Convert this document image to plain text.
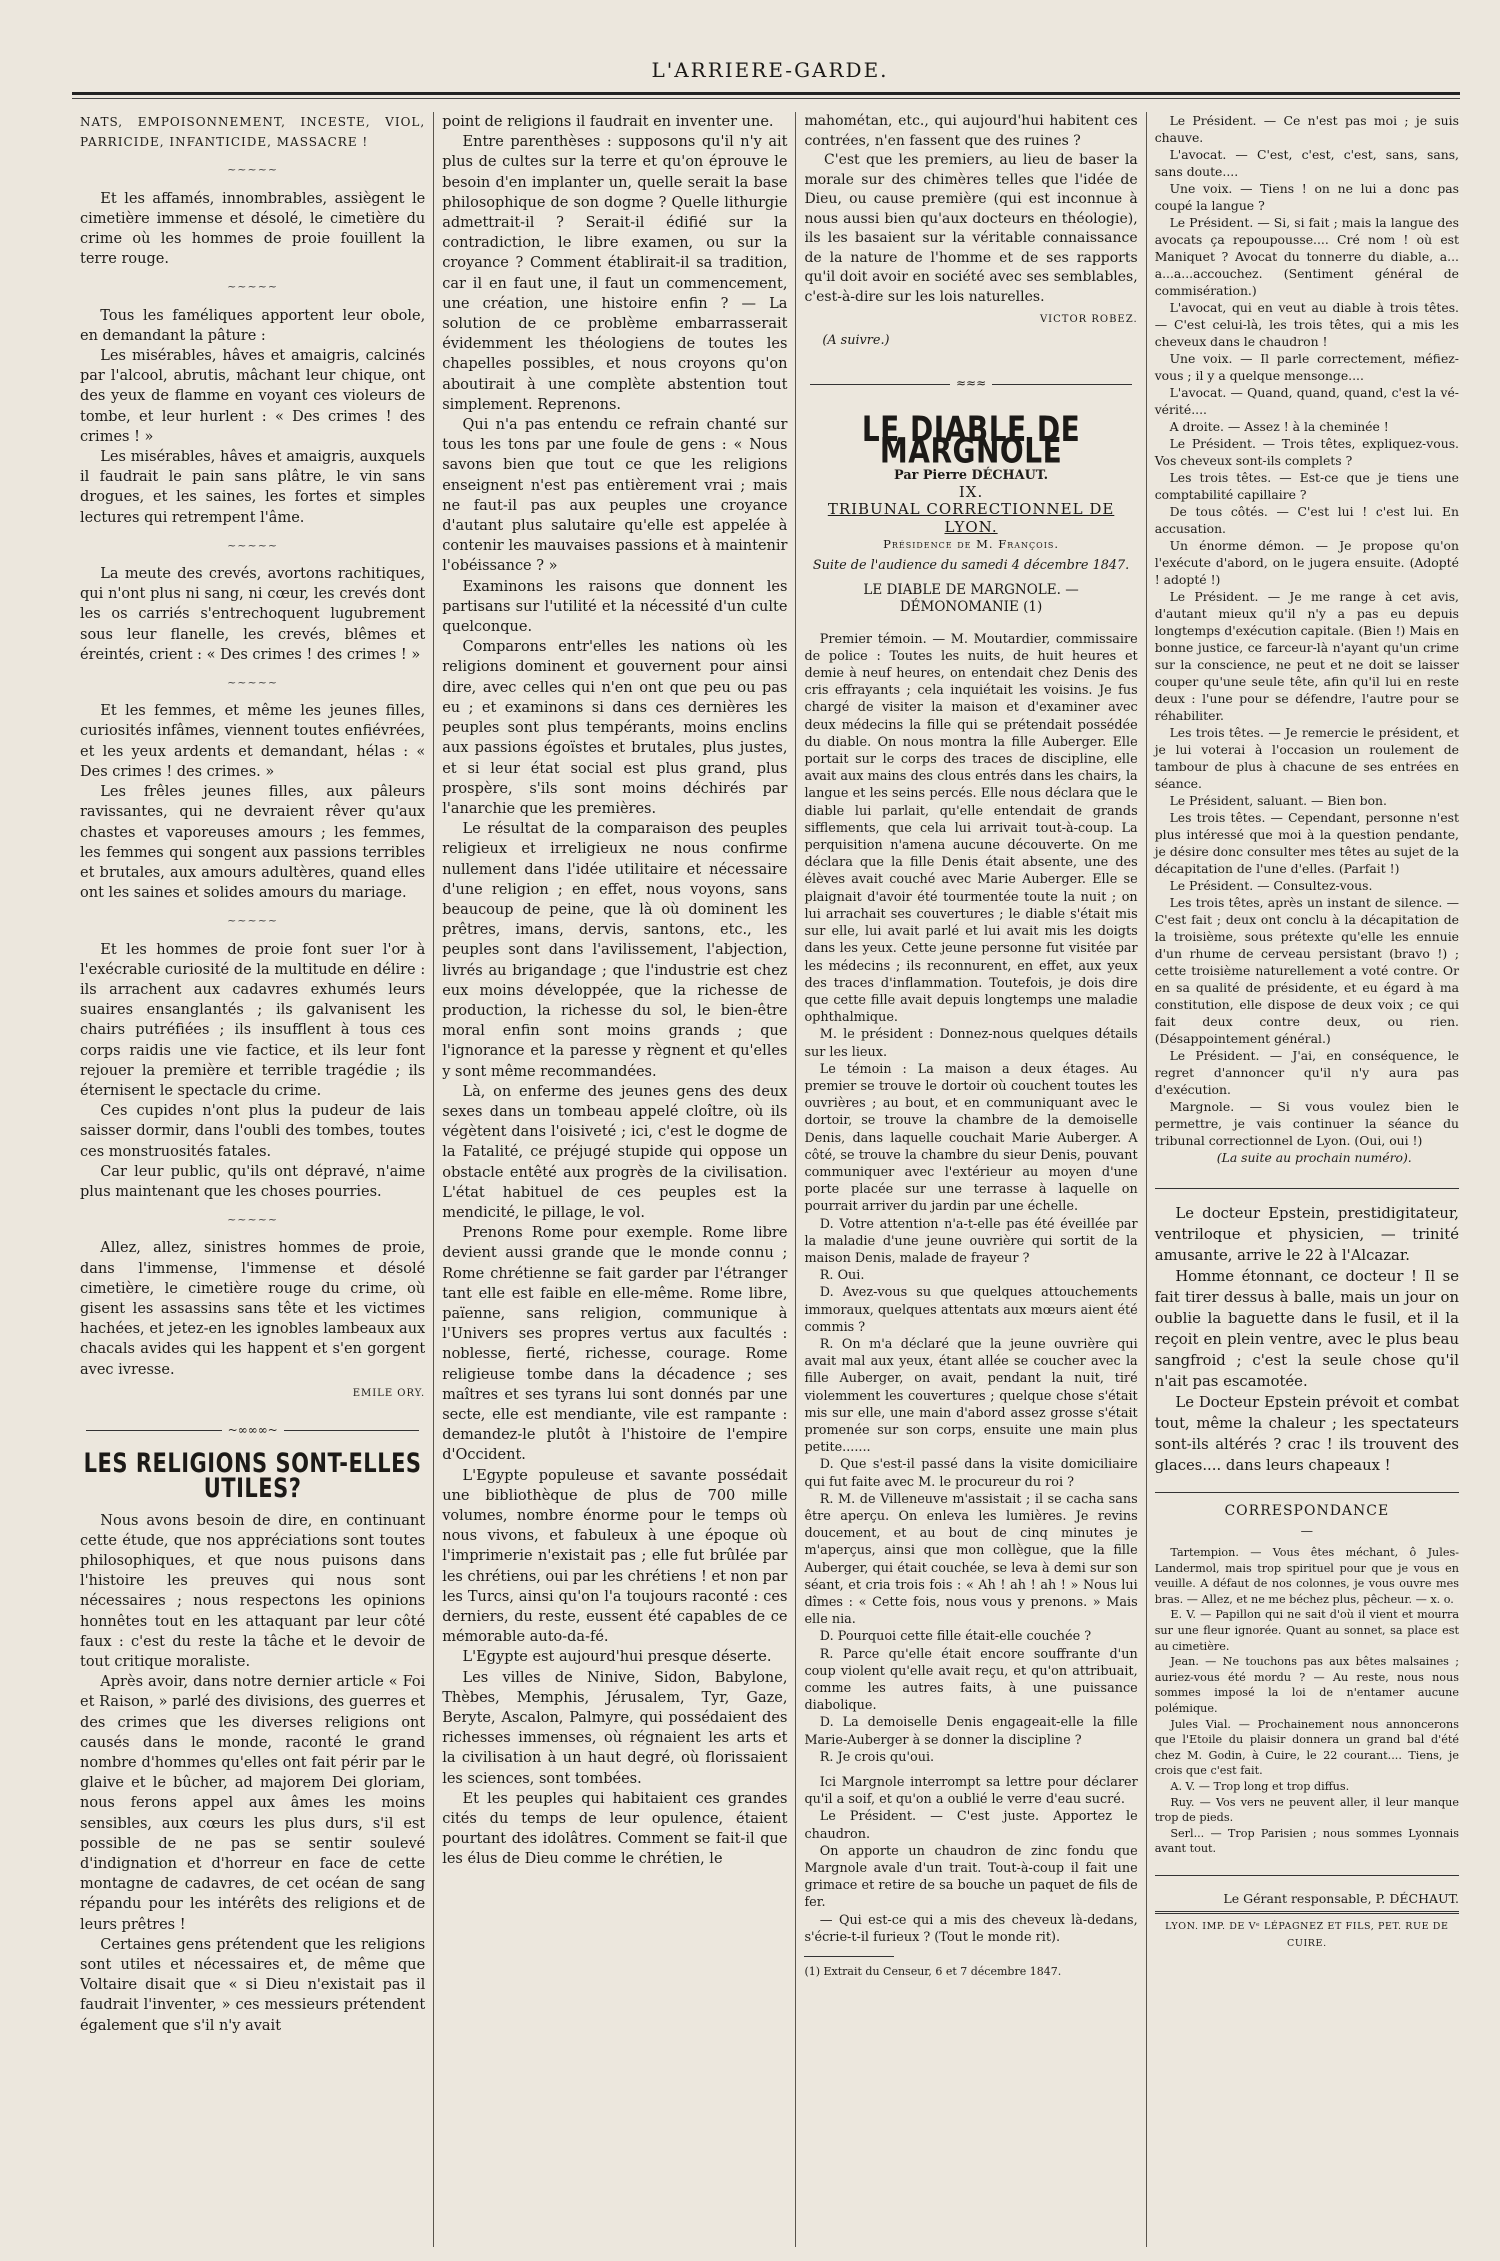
L'ARRIERE-GARDE.

NATS, EMPOISONNEMENT, INCESTE, VIOL, PARRICIDE, INFANTICIDE, MASSACRE !

~~~~~

Et les affamés, innombrables, assiègent le cimetière immense et désolé, le cimetière du crime où les hommes de proie fouillent la terre rouge.

~~~~~

Tous les faméliques apportent leur obole, en demandant la pâture :

Les misérables, hâves et amaigris, calcinés par l'alcool, abrutis, mâchant leur chique, ont des yeux de flamme en voyant ces violeurs de tombe, et leur hurlent : « Des crimes ! des crimes ! »

Les misérables, hâves et amaigris, auxquels il faudrait le pain sans plâtre, le vin sans drogues, et les saines, les fortes et simples lectures qui retrempent l'âme.

~~~~~

La meute des crevés, avortons rachitiques, qui n'ont plus ni sang, ni cœur, les crevés dont les os carriés s'entrechoquent lugubrement sous leur flanelle, les crevés, blêmes et éreintés, crient : « Des crimes ! des crimes ! »

~~~~~

Et les femmes, et même les jeunes filles, curiosités infâmes, viennent toutes enfiévrées, et les yeux ardents et demandant, hélas : « Des crimes ! des crimes. »

Les frêles jeunes filles, aux pâleurs ravissantes, qui ne devraient rêver qu'aux chastes et vaporeuses amours ; les femmes, les femmes qui songent aux passions terribles et brutales, aux amours adultères, quand elles ont les saines et solides amours du mariage.

~~~~~

Et les hommes de proie font suer l'or à l'exécrable curiosité de la multitude en délire : ils arrachent aux cadavres exhumés leurs suaires ensanglantés ; ils galvanisent les chairs putréfiées ; ils insufflent à tous ces corps raidis une vie factice, et ils leur font rejouer la première et terrible tragédie ; ils éternisent le spectacle du crime.

Ces cupides n'ont plus la pudeur de lais saisser dormir, dans l'oubli des tombes, toutes ces monstruosités fatales.

Car leur public, qu'ils ont dépravé, n'aime plus maintenant que les choses pourries.

~~~~~

Allez, allez, sinistres hommes de proie, dans l'immense, l'immense et désolé cimetière, le cimetière rouge du crime, où gisent les assassins sans tête et les victimes hachées, et jetez-en les ignobles lambeaux aux chacals avides qui les happent et s'en gorgent avec ivresse.

EMILE ORY.
~∞∞∞~
LES RELIGIONS SONT-ELLES UTILES?

Nous avons besoin de dire, en continuant cette étude, que nos appréciations sont toutes philosophiques, et que nous puisons dans l'histoire les preuves qui nous sont nécessaires ; nous respectons les opinions honnêtes tout en les attaquant par leur côté faux : c'est du reste la tâche et le devoir de tout critique moraliste.

Après avoir, dans notre dernier article « Foi et Raison, » parlé des divisions, des guerres et des crimes que les diverses religions ont causés dans le monde, raconté le grand nombre d'hommes qu'elles ont fait périr par le glaive et le bûcher, ad majorem Dei gloriam, nous ferons appel aux âmes les moins sensibles, aux cœurs les plus durs, s'il est possible de ne pas se sentir soulevé d'indignation et d'horreur en face de cette montagne de cadavres, de cet océan de sang répandu pour les intérêts des religions et de leurs prêtres !

Certaines gens prétendent que les religions sont utiles et nécessaires et, de même que Voltaire disait que « si Dieu n'existait pas il faudrait l'inventer, » ces messieurs prétendent également que s'il n'y avait

point de religions il faudrait en inventer une.

Entre parenthèses : supposons qu'il n'y ait plus de cultes sur la terre et qu'on éprouve le besoin d'en implanter un, quelle serait la base philosophique de son dogme ? Quelle lithurgie admettrait-il ? Serait-il édifié sur la contradiction, le libre examen, ou sur la croyance ? Comment établirait-il sa tradition, car il en faut une, il faut un commencement, une création, une histoire enfin ? — La solution de ce problème embarrasserait évidemment les théologiens de toutes les chapelles possibles, et nous croyons qu'on aboutirait à une complète abstention tout simplement. Reprenons.

Qui n'a pas entendu ce refrain chanté sur tous les tons par une foule de gens : « Nous savons bien que tout ce que les religions enseignent n'est pas entièrement vrai ; mais ne faut-il pas aux peuples une croyance d'autant plus salutaire qu'elle est appelée à contenir les mauvaises passions et à maintenir l'obéissance ? »

Examinons les raisons que donnent les partisans sur l'utilité et la nécessité d'un culte quelconque.

Comparons entr'elles les nations où les religions dominent et gouvernent pour ainsi dire, avec celles qui n'en ont que peu ou pas eu ; et examinons si dans ces dernières les peuples sont plus tempérants, moins enclins aux passions égoïstes et brutales, plus justes, et si leur état social est plus grand, plus prospère, s'ils sont moins déchirés par l'anarchie que les premières.

Le résultat de la comparaison des peuples religieux et irreligieux ne nous confirme nullement dans l'idée utilitaire et nécessaire d'une religion ; en effet, nous voyons, sans beaucoup de peine, que là où dominent les prêtres, imans, dervis, santons, etc., les peuples sont dans l'avilissement, l'abjection, livrés au brigandage ; que l'industrie est chez eux moins développée, que la richesse de production, la richesse du sol, le bien-être moral enfin sont moins grands ; que l'ignorance et la paresse y règnent et qu'elles y sont même recommandées.

Là, on enferme des jeunes gens des deux sexes dans un tombeau appelé cloître, où ils végètent dans l'oisiveté ; ici, c'est le dogme de la Fatalité, ce préjugé stupide qui oppose un obstacle entêté aux progrès de la civilisation. L'état habituel de ces peuples est la mendicité, le pillage, le vol.

Prenons Rome pour exemple. Rome libre devient aussi grande que le monde connu ; Rome chrétienne se fait garder par l'étranger tant elle est faible en elle-même. Rome libre, païenne, sans religion, communique à l'Univers ses propres vertus aux facultés : noblesse, fierté, richesse, courage. Rome religieuse tombe dans la décadence ; ses maîtres et ses tyrans lui sont donnés par une secte, elle est mendiante, vile est rampante : demandez-le plutôt à l'histoire de l'empire d'Occident.

L'Egypte populeuse et savante possédait une bibliothèque de plus de 700 mille volumes, nombre énorme pour le temps où nous vivons, et fabuleux à une époque où l'imprimerie n'existait pas ; elle fut brûlée par les chrétiens, oui par les chrétiens ! et non par les Turcs, ainsi qu'on l'a toujours raconté : ces derniers, du reste, eussent été capables de ce mémorable auto-da-fé.

L'Egypte est aujourd'hui presque déserte.

Les villes de Ninive, Sidon, Babylone, Thèbes, Memphis, Jérusalem, Tyr, Gaze, Beryte, Ascalon, Palmyre, qui possédaient des richesses immenses, où régnaient les arts et la civilisation à un haut degré, où florissaient les sciences, sont tombées.

Et les peuples qui habitaient ces grandes cités du temps de leur opulence, étaient pourtant des idolâtres. Comment se fait-il que les élus de Dieu comme le chrétien, le

mahométan, etc., qui aujourd'hui habitent ces contrées, n'en fassent que des ruines ?

C'est que les premiers, au lieu de baser la morale sur des chimères telles que l'idée de Dieu, ou cause première (qui est inconnue à nous aussi bien qu'aux docteurs en théologie), ils les basaient sur la véritable connaissance de la nature de l'homme et de ses rapports qu'il doit avoir en société avec ses semblables, c'est-à-dire sur les lois naturelles.

VICTOR ROBEZ.

(A suivre.)

≈≈≈
LE DIABLE DE MARGNOLE

Par Pierre DÉCHAUT.

IX.

TRIBUNAL CORRECTIONNEL DE LYON.

Présidence de M. François.

Suite de l'audience du samedi 4 décembre 1847.

LE DIABLE DE MARGNOLE. — DÉMONOMANIE (1)

Premier témoin. — M. Moutardier, commissaire de police : Toutes les nuits, de huit heures et demie à neuf heures, on entendait chez Denis des cris effrayants ; cela inquiétait les voisins. Je fus chargé de visiter la maison et d'examiner avec deux médecins la fille qui se prétendait possédée du diable. On nous montra la fille Auberger. Elle portait sur le corps des traces de discipline, elle avait aux mains des clous entrés dans les chairs, la langue et les seins percés. Elle nous déclara que le diable lui parlait, qu'elle entendait de grands sifflements, que cela lui arrivait tout-à-coup. La perquisition n'amena aucune découverte. On me déclara que la fille Denis était absente, une des élèves avait couché avec Marie Auberger. Elle se plaignait d'avoir été tourmentée toute la nuit ; on lui arrachait ses couvertures ; le diable s'était mis sur elle, lui avait parlé et lui avait mis les doigts dans les yeux. Cette jeune personne fut visitée par les médecins ; ils reconnurent, en effet, aux yeux des traces d'inflammation. Toutefois, je dois dire que cette fille avait depuis longtemps une maladie ophthalmique.

M. le président : Donnez-nous quelques détails sur les lieux.

Le témoin : La maison a deux étages. Au premier se trouve le dortoir où couchent toutes les ouvrières ; au bout, et en communiquant avec le dortoir, se trouve la chambre de la demoiselle Denis, dans laquelle couchait Marie Auberger. A côté, se trouve la chambre du sieur Denis, pouvant communiquer avec l'extérieur au moyen d'une porte placée sur une terrasse à laquelle on pourrait arriver du jardin par une échelle.

D. Votre attention n'a-t-elle pas été éveillée par la maladie d'une jeune ouvrière qui sortit de la maison Denis, malade de frayeur ?

R. Oui.

D. Avez-vous su que quelques attouchements immoraux, quelques attentats aux mœurs aient été commis ?

R. On m'a déclaré que la jeune ouvrière qui avait mal aux yeux, étant allée se coucher avec la fille Auberger, on avait, pendant la nuit, tiré violemment les couvertures ; quelque chose s'était mis sur elle, une main d'abord assez grosse s'était promenée sur son corps, ensuite une main plus petite.......

D. Que s'est-il passé dans la visite domiciliaire qui fut faite avec M. le procureur du roi ?

R. M. de Villeneuve m'assistait ; il se cacha sans être aperçu. On enleva les lumières. Je revins doucement, et au bout de cinq minutes je m'aperçus, ainsi que mon collègue, que la fille Auberger, qui était couchée, se leva à demi sur son séant, et cria trois fois : « Ah ! ah ! ah ! » Nous lui dîmes : « Cette fois, nous vous y prenons. » Mais elle nia.

D. Pourquoi cette fille était-elle couchée ?

R. Parce qu'elle était encore souffrante d'un coup violent qu'elle avait reçu, et qu'on attribuait, comme les autres faits, à une puissance diabolique.

D. La demoiselle Denis engageait-elle la fille Marie-Auberger à se donner la discipline ?

R. Je crois qu'oui.

Ici Margnole interrompt sa lettre pour déclarer qu'il a soif, et qu'on a oublié le verre d'eau sucré.

Le Président. — C'est juste. Apportez le chaudron.

On apporte un chaudron de zinc fondu que Margnole avale d'un trait. Tout-à-coup il fait une grimace et retire de sa bouche un paquet de fils de fer.

— Qui est-ce qui a mis des cheveux là-dedans, s'écrie-t-il furieux ? (Tout le monde rit).

(1) Extrait du Censeur, 6 et 7 décembre 1847.

Le Président. — Ce n'est pas moi ; je suis chauve.

L'avocat. — C'est, c'est, c'est, sans, sans, sans doute....

Une voix. — Tiens ! on ne lui a donc pas coupé la langue ?

Le Président. — Si, si fait ; mais la langue des avocats ça repoupousse.... Cré nom ! où est Maniquet ? Avocat du tonnerre du diable, a... a...a...accouchez. (Sentiment général de commisération.)

L'avocat, qui en veut au diable à trois têtes. — C'est celui-là, les trois têtes, qui a mis les cheveux dans le chaudron !

Une voix. — Il parle correctement, méfiez-vous ; il y a quelque mensonge....

L'avocat. — Quand, quand, quand, c'est la vé-vérité....

A droite. — Assez ! à la cheminée !

Le Président. — Trois têtes, expliquez-vous. Vos cheveux sont-ils complets ?

Les trois têtes. — Est-ce que je tiens une comptabilité capillaire ?

De tous côtés. — C'est lui ! c'est lui. En accusation.

Un énorme démon. — Je propose qu'on l'exécute d'abord, on le jugera ensuite. (Adopté ! adopté !)

Le Président. — Je me range à cet avis, d'autant mieux qu'il n'y a pas eu depuis longtemps d'exécution capitale. (Bien !) Mais en bonne justice, ce farceur-là n'ayant qu'un crime sur la conscience, ne peut et ne doit se laisser couper qu'une seule tête, afin qu'il lui en reste deux : l'une pour se défendre, l'autre pour se réhabiliter.

Les trois têtes. — Je remercie le président, et je lui voterai à l'occasion un roulement de tambour de plus à chacune de ses entrées en séance.

Le Président, saluant. — Bien bon.

Les trois têtes. — Cependant, personne n'est plus intéressé que moi à la question pendante, je désire donc consulter mes têtes au sujet de la décapitation de l'une d'elles. (Parfait !)

Le Président. — Consultez-vous.

Les trois têtes, après un instant de silence. — C'est fait ; deux ont conclu à la décapitation de la troisième, sous prétexte qu'elle les ennuie d'un rhume de cerveau persistant (bravo !) ; cette troisième naturellement a voté contre. Or en sa qualité de présidente, et eu égard à ma constitution, elle dispose de deux voix ; ce qui fait deux contre deux, ou rien. (Désappointement général.)

Le Président. — J'ai, en conséquence, le regret d'annoncer qu'il n'y aura pas d'exécution.

Margnole. — Si vous voulez bien le permettre, je vais continuer la séance du tribunal correctionnel de Lyon. (Oui, oui !)

(La suite au prochain numéro).

Le docteur Epstein, prestidigitateur, ventriloque et physicien, — trinité amusante, arrive le 22 à l'Alcazar.

Homme étonnant, ce docteur ! Il se fait tirer dessus à balle, mais un jour on oublie la baguette dans le fusil, et il la reçoit en plein ventre, avec le plus beau sangfroid ; c'est la seule chose qu'il n'ait pas escamotée.

Le Docteur Epstein prévoit et combat tout, même la chaleur ; les spectateurs sont-ils altérés ? crac ! ils trouvent des glaces.... dans leurs chapeaux !

CORRESPONDANCE
—

Tartempion. — Vous êtes méchant, ô Jules-Landermol, mais trop spirituel pour que je vous en veuille. A défaut de nos colonnes, je vous ouvre mes bras. — Allez, et ne me béchez plus, pêcheur. — x. o.

E. V. — Papillon qui ne sait d'où il vient et mourra sur une fleur ignorée. Quant au sonnet, sa place est au cimetière.

Jean. — Ne touchons pas aux bêtes malsaines ; auriez-vous été mordu ? — Au reste, nous nous sommes imposé la loi de n'entamer aucune polémique.

Jules Vial. — Prochainement nous annoncerons que l'Etoile du plaisir donnera un grand bal d'été chez M. Godin, à Cuire, le 22 courant.... Tiens, je crois que c'est fait.

A. V. — Trop long et trop diffus.

Ruy. — Vos vers ne peuvent aller, il leur manque trop de pieds.

Serl... — Trop Parisien ; nous sommes Lyonnais avant tout.

Le Gérant responsable, P. DÉCHAUT.
LYON. IMP. DE Vᵉ LÉPAGNEZ ET FILS, PET. RUE DE CUIRE.
